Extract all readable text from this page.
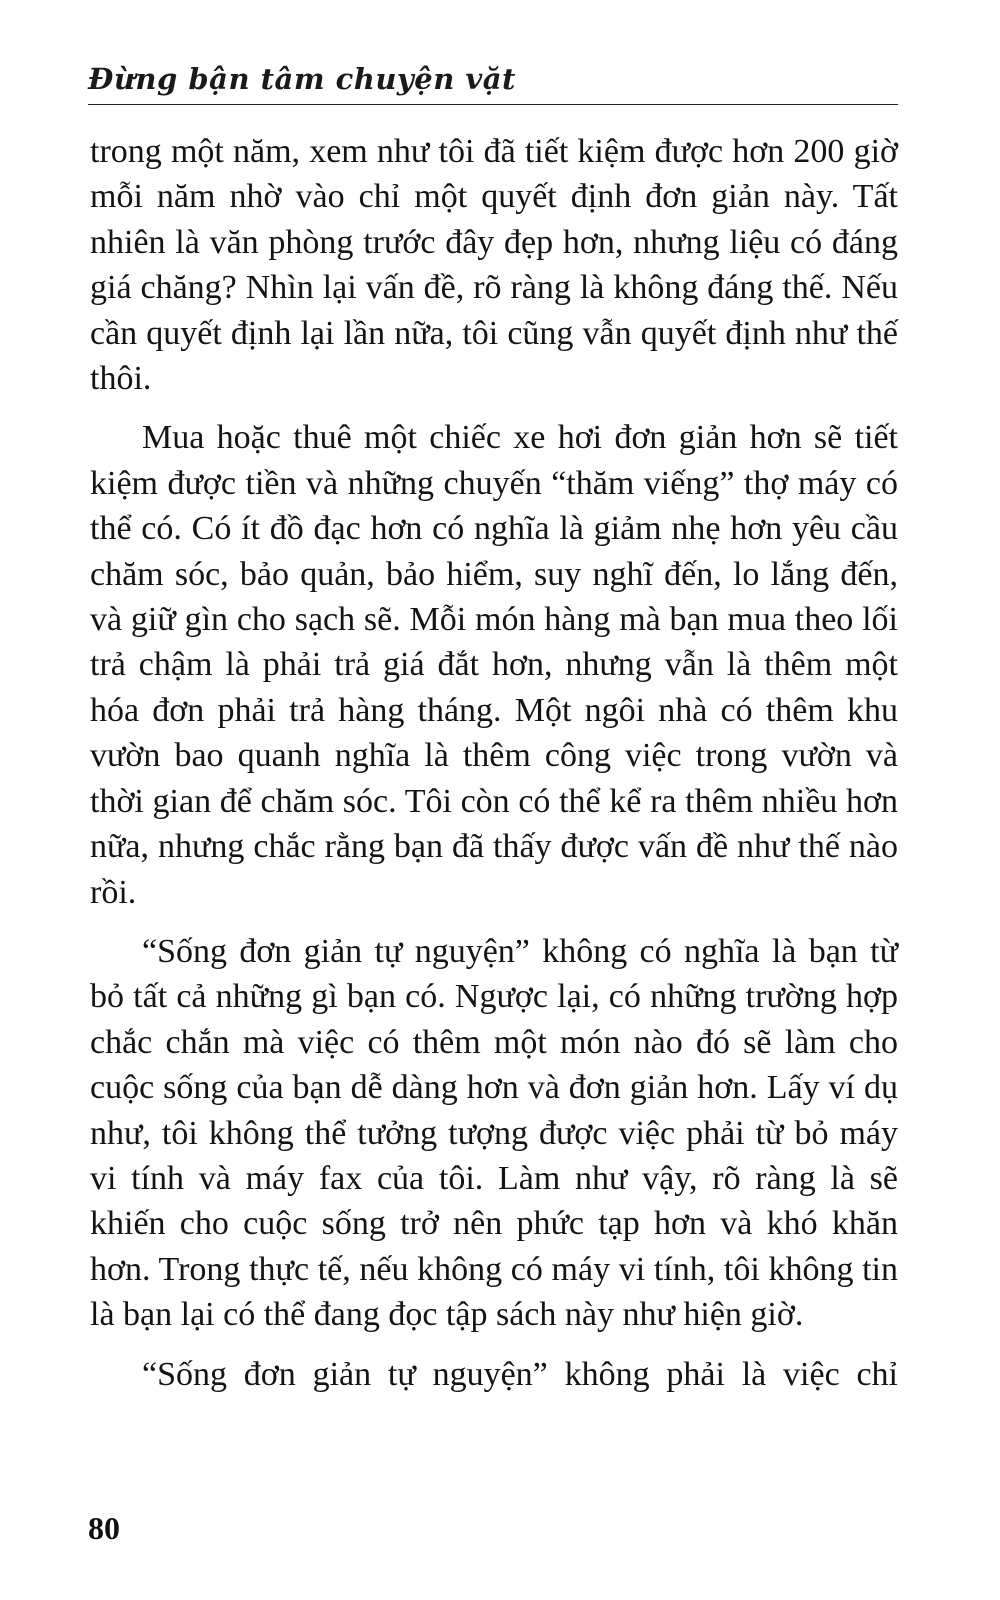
Đừng bận tâm chuyện vặt

trong một năm, xem như tôi đã tiết kiệm được hơn 200 giờ mỗi năm nhờ vào chỉ một quyết định đơn giản này. Tất nhiên là văn phòng trước đây đẹp hơn, nhưng liệu có đáng giá chăng? Nhìn lại vấn đề, rõ ràng là không đáng thế. Nếu cần quyết định lại lần nữa, tôi cũng vẫn quyết định như thế thôi.

Mua hoặc thuê một chiếc xe hơi đơn giản hơn sẽ tiết kiệm được tiền và những chuyến “thăm viếng” thợ máy có thể có. Có ít đồ đạc hơn có nghĩa là giảm nhẹ hơn yêu cầu chăm sóc, bảo quản, bảo hiểm, suy nghĩ đến, lo lắng đến, và giữ gìn cho sạch sẽ. Mỗi món hàng mà bạn mua theo lối trả chậm là phải trả giá đắt hơn, nhưng vẫn là thêm một hóa đơn phải trả hàng tháng. Một ngôi nhà có thêm khu vườn bao quanh nghĩa là thêm công việc trong vườn và thời gian để chăm sóc. Tôi còn có thể kể ra thêm nhiều hơn nữa, nhưng chắc rằng bạn đã thấy được vấn đề như thế nào rồi.

“Sống đơn giản tự nguyện” không có nghĩa là bạn từ bỏ tất cả những gì bạn có. Ngược lại, có những trường hợp chắc chắn mà việc có thêm một món nào đó sẽ làm cho cuộc sống của bạn dễ dàng hơn và đơn giản hơn. Lấy ví dụ như, tôi không thể tưởng tượng được việc phải từ bỏ máy vi tính và máy fax của tôi. Làm như vậy, rõ ràng là sẽ khiến cho cuộc sống trở nên phức tạp hơn và khó khăn hơn. Trong thực tế, nếu không có máy vi tính, tôi không tin là bạn lại có thể đang đọc tập sách này như hiện giờ.

“Sống đơn giản tự nguyện” không phải là việc chỉ

80
